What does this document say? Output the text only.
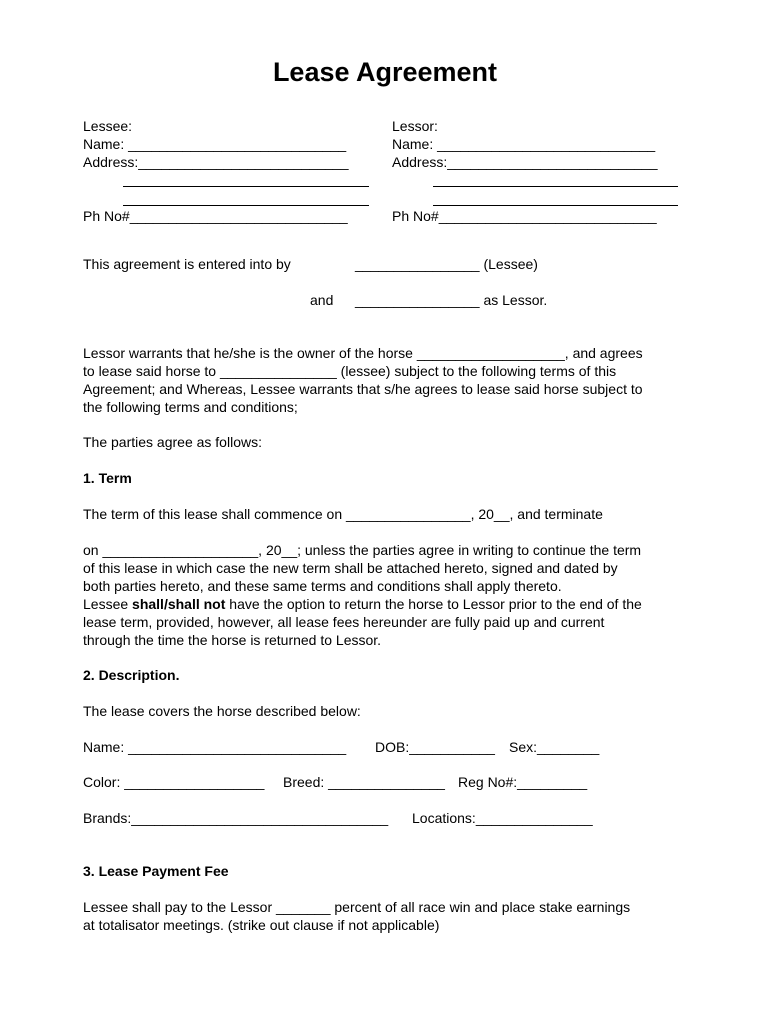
Lease Agreement

Lessee:

Name: ____________________________

Address:___________________________

Ph No#____________________________

Lessor:

Name: ____________________________

Address:___________________________

Ph No#____________________________

This agreement is entered into by	________________ (Lessee)

and ________________ as Lessor.

Lessor warrants that he/she is the owner of the horse ___________________, and agrees

to lease said horse to _______________ (lessee) subject to the following terms of this

Agreement; and Whereas, Lessee warrants that s/he agrees to lease said horse subject to

the following terms and conditions;

The parties agree as follows:

1. Term

The term of this lease shall commence on ________________, 20__, and terminate

on ____________________, 20__; unless the parties agree in writing to continue the term

of this lease in which case the new term shall be attached hereto, signed and dated by

both parties hereto, and these same terms and conditions shall apply thereto.

Lessee shall/shall not have the option to return the horse to Lessor prior to the end of the

lease term, provided, however, all lease fees hereunder are fully paid up and current

through the time the horse is returned to Lessor.

2. Description.

The lease covers the horse described below:

Name: ____________________________ DOB:___________ Sex:________

Color: __________________ Breed: _______________ Reg No#:_________

Brands:_________________________________ Locations:_______________

3. Lease Payment Fee

Lessee shall pay to the Lessor _______ percent of all race win and place stake earnings

at totalisator meetings. (strike out clause if not applicable)
